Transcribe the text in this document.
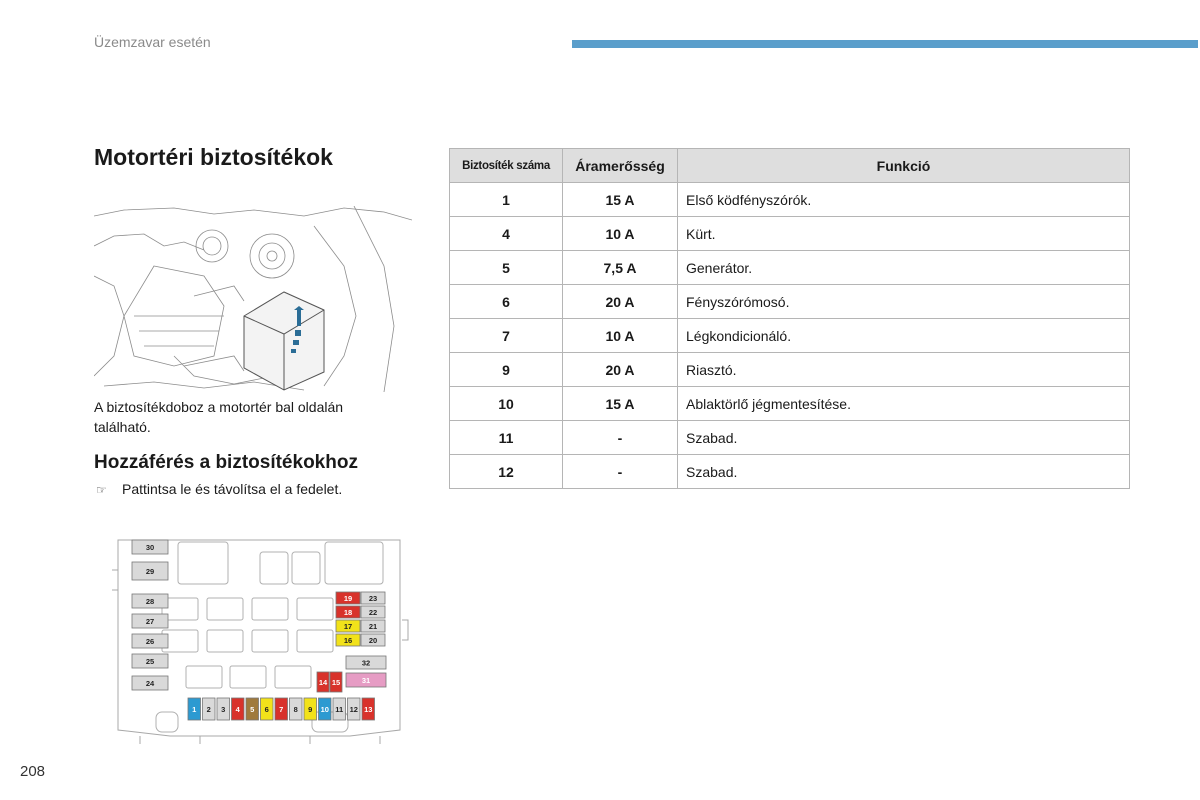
Üzemzavar esetén
Motortéri biztosítékok
A biztosítékdoboz a motortér bal oldalán található.
Hozzáférés a biztosítékokhoz
☞ Pattintsa le és távolítsa el a fedelet.
30
29
28
27
26
25
24
19 23
18 22
17 21
16 20
32
31
14 15
1 2 3 4 5 6 7 8 9 10 11 12 13
Biztosíték száma	Áramerősség	Funkció
1	15 A	Első ködfényszórók.
4	10 A	Kürt.
5	7,5 A	Generátor.
6	20 A	Fényszórómosó.
7	10 A	Légkondicionáló.
9	20 A	Riasztó.
10	15 A	Ablaktörlő jégmentesítése.
11	-	Szabad.
12	-	Szabad.
208
